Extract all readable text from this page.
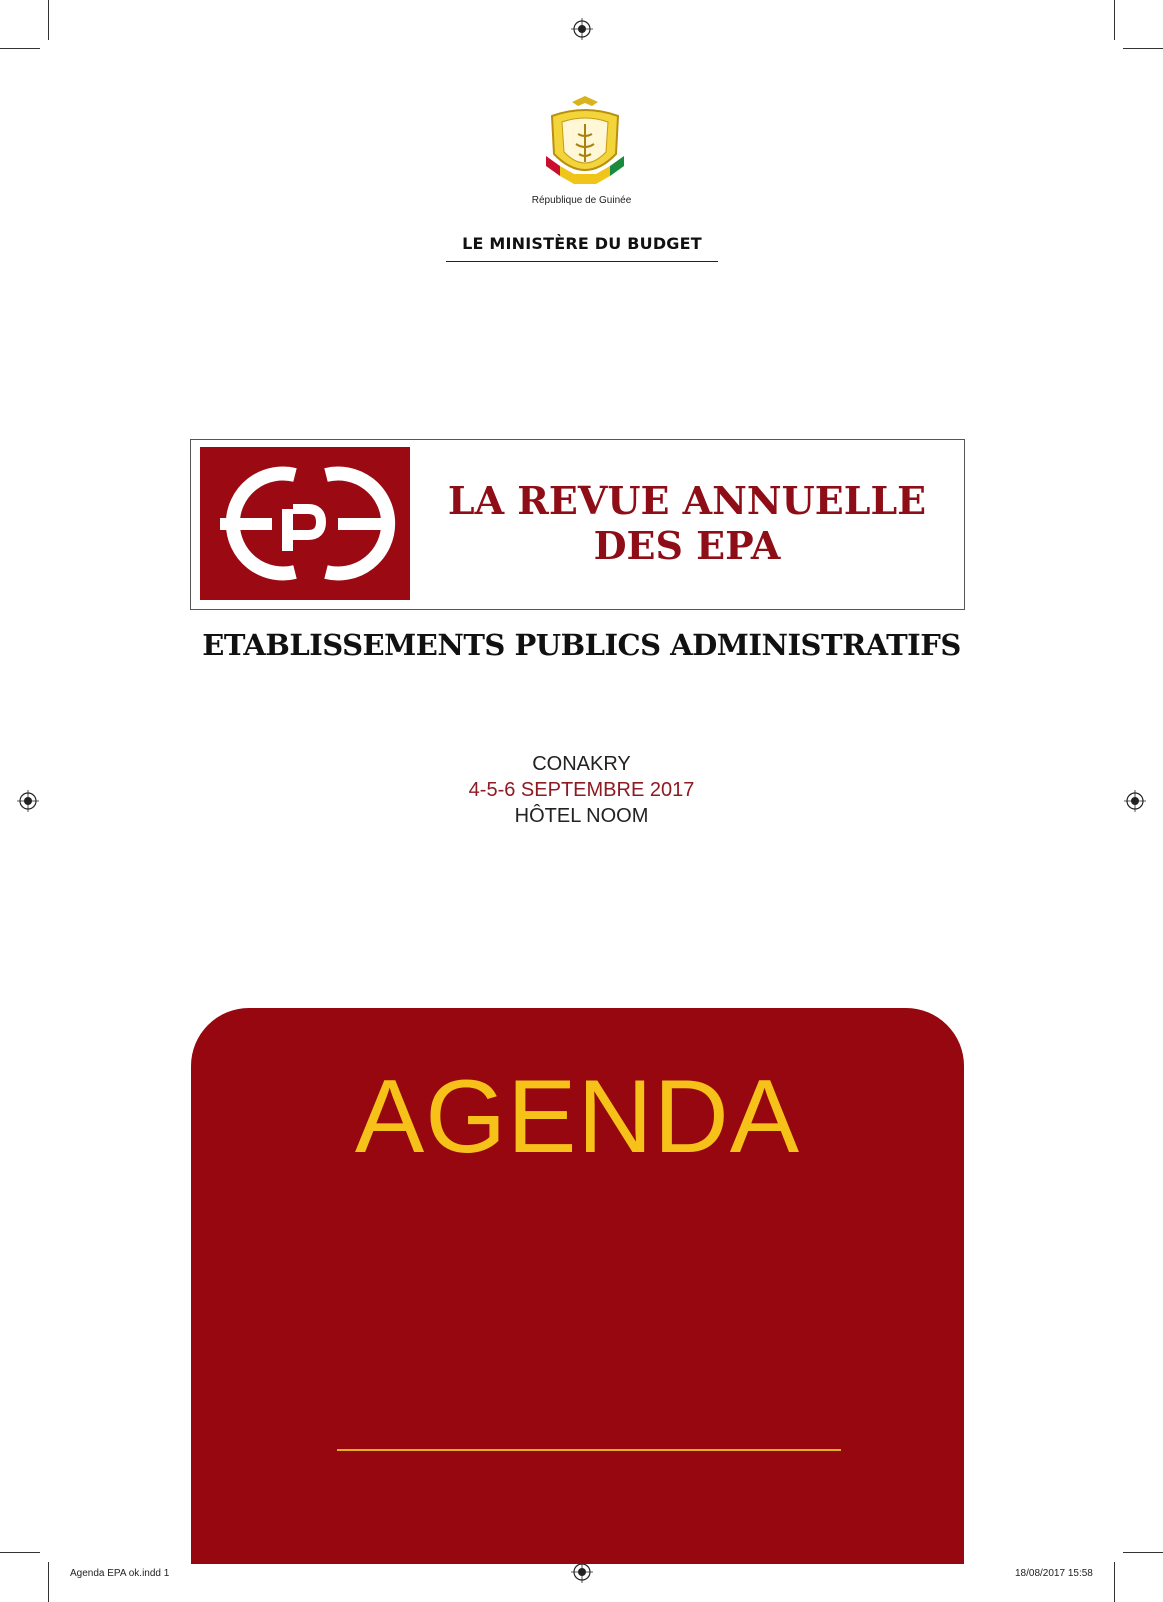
République de Guinée
LE MINISTÈRE DU BUDGET
LA REVUE ANNUELLE
DES EPA
ETABLISSEMENTS PUBLICS ADMINISTRATIFS
CONAKRY
4-5-6 SEPTEMBRE 2017
HÔTEL NOOM
AGENDA
Agenda EPA ok.indd 1	18/08/2017 15:58
